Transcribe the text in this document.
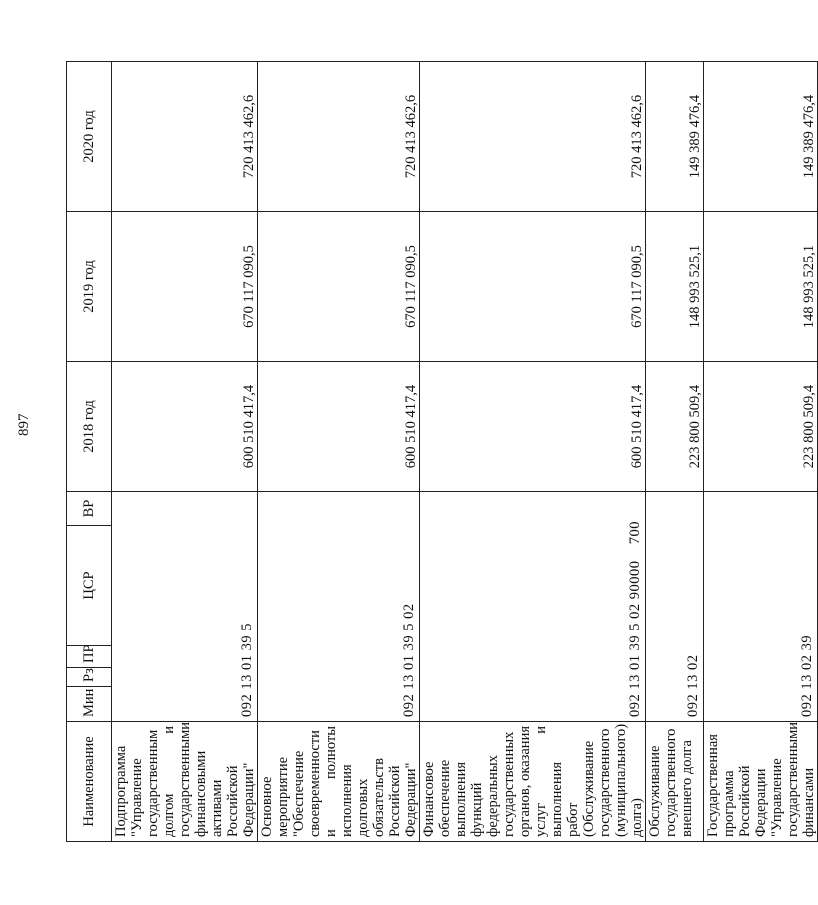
897
Наименование	Мин	Рз	ПР	ЦСР	ВР	2018 год	2019 год	2020 год
Подпрограмма "Управление государственным долгом и государственными финансовыми активами Российской Федерации"	092 13 01 39 5					600 510 417,4	670 117 090,5	720 413 462,6
Основное мероприятие "Обеспечение своевременности и полноты исполнения долговых обязательств Российской Федерации"	092 13 01 39 5 02					600 510 417,4	670 117 090,5	720 413 462,6
Финансовое обеспечение выполнения функций федеральных государственных органов, оказания услуг и выполнения работ (Обслуживание государственного (муниципального) долга)	092 13 01 39 5 02 90000  700					600 510 417,4	670 117 090,5	720 413 462,6
Обслуживание государственного внешнего долга	092 13 02					223 800 509,4	148 993 525,1	149 389 476,4
Государственная программа Российской Федерации "Управление государственными финансами	092 13 02 39					223 800 509,4	148 993 525,1	149 389 476,4
